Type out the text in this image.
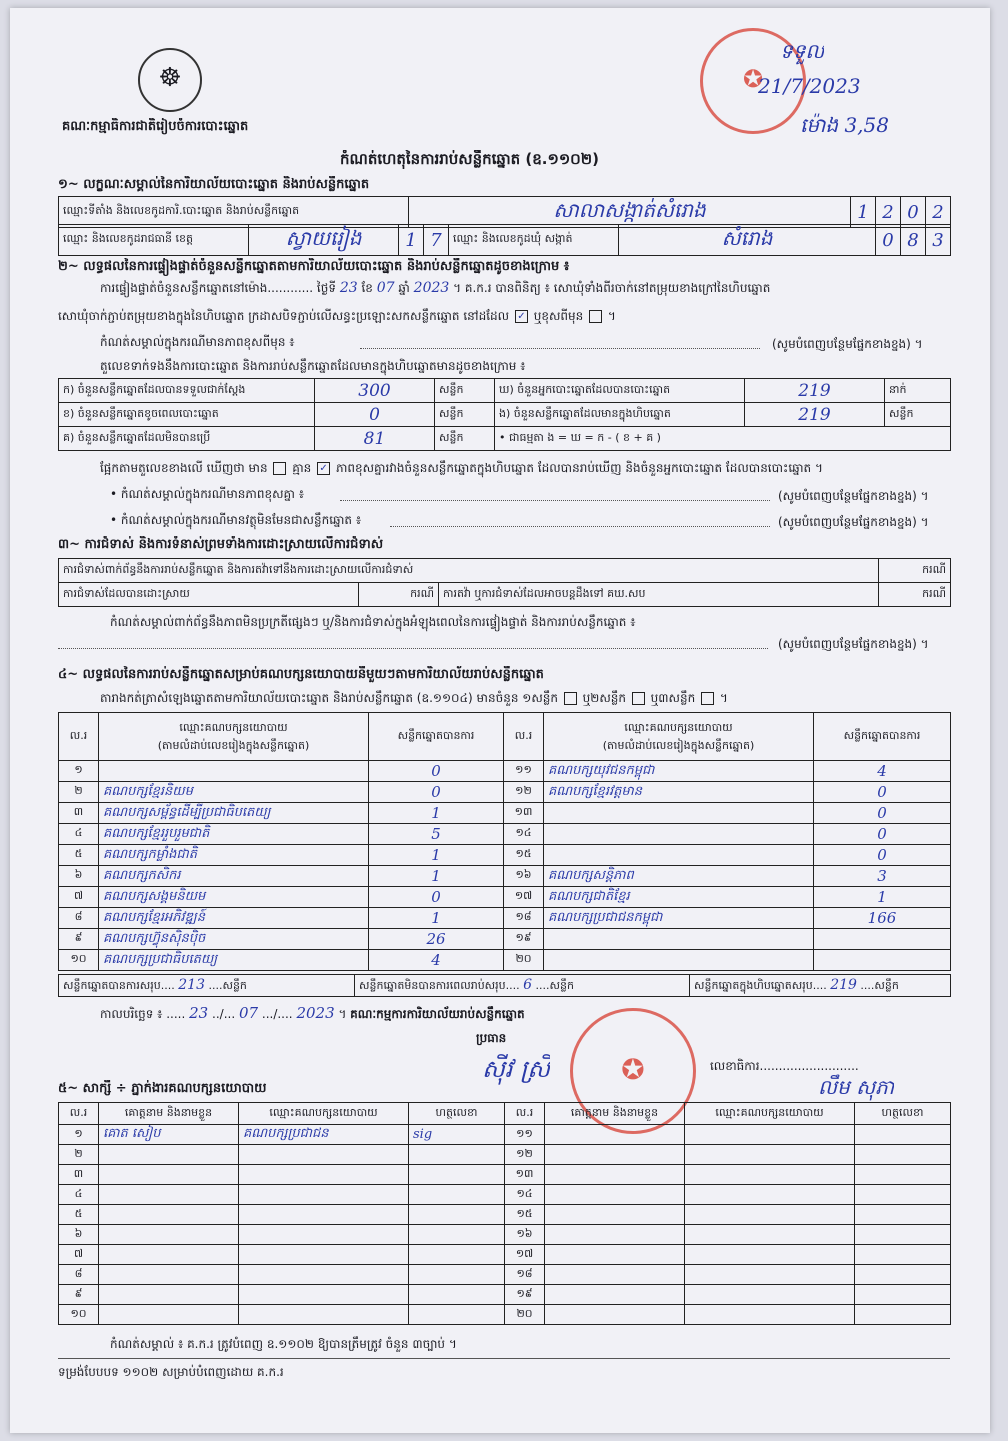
☸
គណៈកម្មាធិការជាតិរៀបចំការបោះឆ្នោត
កំណត់ហេតុនៃការរាប់សន្លឹកឆ្នោត (ឧ.១១០២)
✪
ទទួល
21/7/2023
ម៉ោង 3,58
១~ លក្ខណៈសម្គាល់នៃការិយាល័យបោះឆ្នោត និងរាប់សន្លឹកឆ្នោត
ឈ្មោះទីតាំង និងលេខកូដការិ.បោះឆ្នោត និងរាប់សន្លឹកឆ្នោត	សាលាសង្កាត់សំរោង	1	2	0	2
ឈ្មោះ និងលេខកូដរាជធានី ខេត្ត	ស្វាយរៀង	1	7	ឈ្មោះ និងលេខកូដឃុំ សង្កាត់	សំរោង	0	8	3
២~ លទ្ធផលនៃការផ្ទៀងផ្ទាត់ចំនួនសន្លឹកឆ្នោតតាមការិយាល័យបោះឆ្នោត និងរាប់សន្លឹកឆ្នោតដូចខាងក្រោម ៖
ការផ្ទៀងផ្ទាត់ចំនួនសន្លឹកឆ្នោតនៅម៉ោង............ ថ្ងៃទី 23 ខែ 07 ឆ្នាំ 2023 ។ គ.ក.រ បានពិនិត្យ ៖ សោឃុំទាំងពីរចាក់នៅតម្រុយខាងក្រៅនៃហិបឆ្នោត
សោឃុំចាក់ភ្ជាប់តម្រុយខាងក្នុងនៃហិបឆ្នោត ក្រដាសបិទភ្ជាប់លើសន្ធះប្រឡោះសកសន្លឹកឆ្នោត នៅដដែល ✓ ឬខុសពីមុន  ។
កំណត់សម្គាល់ក្នុងករណីមានភាពខុសពីមុន ៖	(សូមបំពេញបន្ថែមផ្នែកខាងខ្នង) ។
តួលេខទាក់ទងនឹងការបោះឆ្នោត និងការរាប់សន្លឹកឆ្នោតដែលមានក្នុងហិបឆ្នោតមានដូចខាងក្រោម ៖
ក) ចំនួនសន្លឹកឆ្នោតដែលបានទទួលជាក់ស្តែង	300	សន្លឹក	ឃ) ចំនួនអ្នកបោះឆ្នោតដែលបានបោះឆ្នោត	219	នាក់
ខ) ចំនួនសន្លឹកឆ្នោតខូចពេលបោះឆ្នោត	0	សន្លឹក	ង) ចំនួនសន្លឹកឆ្នោតដែលមានក្នុងហិបឆ្នោត	219	សន្លឹក
គ) ចំនួនសន្លឹកឆ្នោតដែលមិនបានប្រើ	81	សន្លឹក	• ជាធម្មតា ង = ឃ = ក - ( ខ + គ )		
ផ្អែកតាមតួលេខខាងលើ ឃើញថា មាន គ្មាន ✓ ភាពខុសគ្នារវាងចំនួនសន្លឹកឆ្នោតក្នុងហិបឆ្នោត ដែលបានរាប់ឃើញ និងចំនួនអ្នកបោះឆ្នោត ដែលបានបោះឆ្នោត ។
• កំណត់សម្គាល់ក្នុងករណីមានភាពខុសគ្នា ៖	(សូមបំពេញបន្ថែមផ្នែកខាងខ្នង) ។
• កំណត់សម្គាល់ក្នុងករណីមានវត្ថុមិនមែនជាសន្លឹកឆ្នោត ៖	(សូមបំពេញបន្ថែមផ្នែកខាងខ្នង) ។
៣~ ការជំទាស់ និងការទំនាស់ព្រមទាំងការដោះស្រាយលើការជំទាស់
ការជំទាស់ពាក់ព័ន្ធនឹងការរាប់សន្លឹកឆ្នោត និងការតវ៉ាទៅនឹងការដោះស្រាយលើការជំទាស់			ករណី
ការជំទាស់ដែលបានដោះស្រាយ	ករណី	ការតវ៉ា ឬការជំទាស់ដែលអាចបន្តដឹងទៅ គឃ.សប	ករណី
កំណត់សម្គាល់ពាក់ព័ន្ធនឹងភាពមិនប្រក្រតីផ្សេងៗ ឬ/និងការជំទាស់ក្នុងអំឡុងពេលនៃការផ្ទៀងផ្ទាត់ និងការរាប់សន្លឹកឆ្នោត ៖
(សូមបំពេញបន្ថែមផ្នែកខាងខ្នង) ។
៤~ លទ្ធផលនៃការរាប់សន្លឹកឆ្នោតសម្រាប់គណបក្សនយោបាយនីមួយៗតាមការិយាល័យរាប់សន្លឹកឆ្នោត
តារាងកត់ត្រាសំឡេងឆ្នោតតាមការិយាល័យបោះឆ្នោត និងរាប់សន្លឹកឆ្នោត (ឧ.១១០៤) មានចំនួន ១សន្លឹក ឬ២សន្លឹក ឬ៣សន្លឹក  ។
ល.រ	ឈ្មោះគណបក្សនយោបាយ
(តាមលំដាប់លេខរៀងក្នុងសន្លឹកឆ្នោត)	សន្លឹកឆ្នោតបានការ	ល.រ	ឈ្មោះគណបក្សនយោបាយ
(តាមលំដាប់លេខរៀងក្នុងសន្លឹកឆ្នោត)	សន្លឹកឆ្នោតបានការ
១		0	១១	គណបក្សយុវជនកម្ពុជា	4
២	គណបក្សខ្មែរនិយម	0	១២	គណបក្សខ្មែរវត្តមាន	0
៣	គណបក្សសម្ព័ន្ធដើម្បីប្រជាធិបតេយ្យ	1	១៣		0
៤	គណបក្សខ្មែររួបរួមជាតិ	5	១៤		0
៥	គណបក្សកម្លាំងជាតិ	1	១៥		0
៦	គណបក្សកសិករ	1	១៦	គណបក្សសន្តិភាព	3
៧	គណបក្សសង្គមនិយម	0	១៧	គណបក្សជាតិខ្មែរ	1
៨	គណបក្សខ្មែរអភិវឌ្ឍន៍	1	១៨	គណបក្សប្រជាជនកម្ពុជា	166
៩	គណបក្សហ៊្វុនស៊ិនប៉ិច	26	១៩		
១០	គណបក្សប្រជាធិបតេយ្យ	4	២០		
សន្លឹកឆ្នោតបានការសរុប.... 213 ....សន្លឹក	សន្លឹកឆ្នោតមិនបានការពេលរាប់សរុប.... 6 ....សន្លឹក	សន្លឹកឆ្នោតក្នុងហិបឆ្នោតសរុប.... 219 ....សន្លឹក
កាលបរិច្ឆេទ ៖ ..... 23 ../... 07 .../.... 2023 ។ គណៈកម្មការការិយាល័យរាប់សន្លឹកឆ្នោត
ប្រធាន
✪
ស៊ីវ ស្រី	លេខាធិការ..........................
លឹម សុភា
៥~ សាក្សី ÷ ភ្នាក់ងារគណបក្សនយោបាយ
ល.រ	គោត្តនាម និងនាមខ្លួន	ឈ្មោះគណបក្សនយោបាយ	ហត្ថលេខា	ល.រ	គោត្តនាម និងនាមខ្លួន	ឈ្មោះគណបក្សនយោបាយ	ហត្ថលេខា
១	គោត សៀប	គណបក្សប្រជាជន	sig	១១			
២				១២			
៣				១៣			
៤				១៤			
៥				១៥			
៦				១៦			
៧				១៧			
៨				១៨			
៩				១៩			
១០				២០			
កំណត់សម្គាល់ ៖ គ.ក.រ ត្រូវបំពេញ ឧ.១១០២ ឱ្យបានត្រឹមត្រូវ ចំនួន ៣ច្បាប់ ។
ទម្រង់បែបបទ ១១០២ សម្រាប់បំពេញដោយ គ.ក.រ
